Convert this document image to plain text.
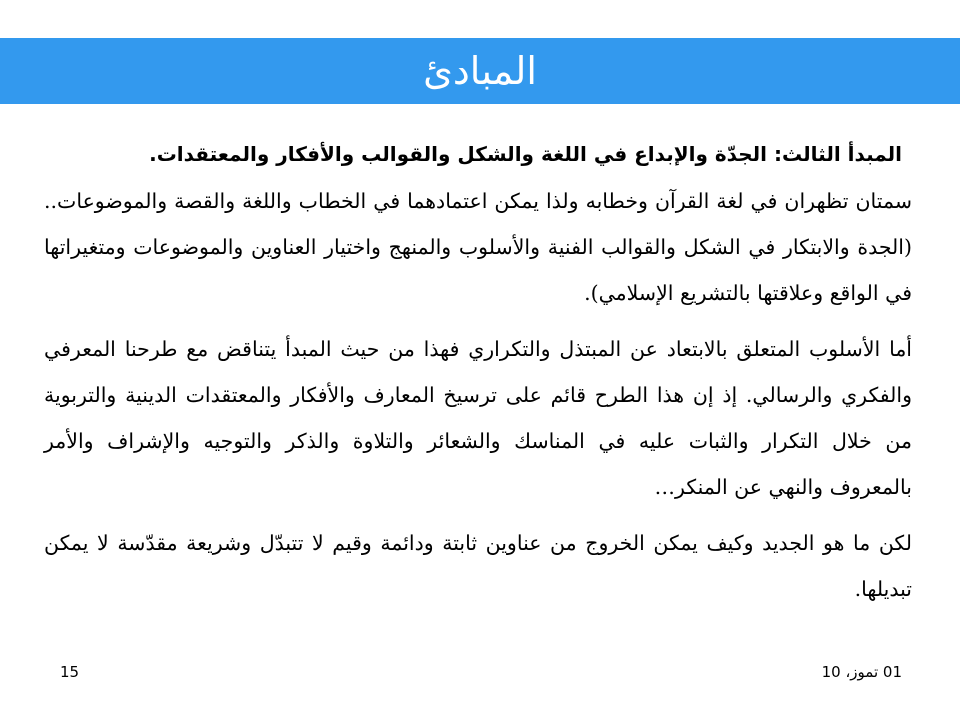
المبادئ

المبدأ الثالث: الجدّة والإبداع في اللغة والشكل والقوالب والأفكار والمعتقدات.

سمتان تظهران في لغة القرآن وخطابه ولذا يمكن اعتمادهما في الخطاب واللغة والقصة والموضوعات.. (الجدة والابتكار في الشكل والقوالب الفنية والأسلوب والمنهج واختيار العناوين والموضوعات ومتغيراتها في الواقع وعلاقتها بالتشريع الإسلامي).

أما الأسلوب المتعلق بالابتعاد عن المبتذل والتكراري فهذا من حيث المبدأ يتناقض مع طرحنا المعرفي والفكري والرسالي. إذ إن هذا الطرح قائم على ترسيخ المعارف والأفكار والمعتقدات الدينية والتربوية من خلال التكرار والثبات عليه في المناسك والشعائر والتلاوة والذكر والتوجيه والإشراف والأمر بالمعروف والنهي عن المنكر…

لكن ما هو الجديد وكيف يمكن الخروج من عناوين ثابتة ودائمة وقيم لا تتبدّل وشريعة مقدّسة لا يمكن تبديلها.

01 تموز، 10
15
